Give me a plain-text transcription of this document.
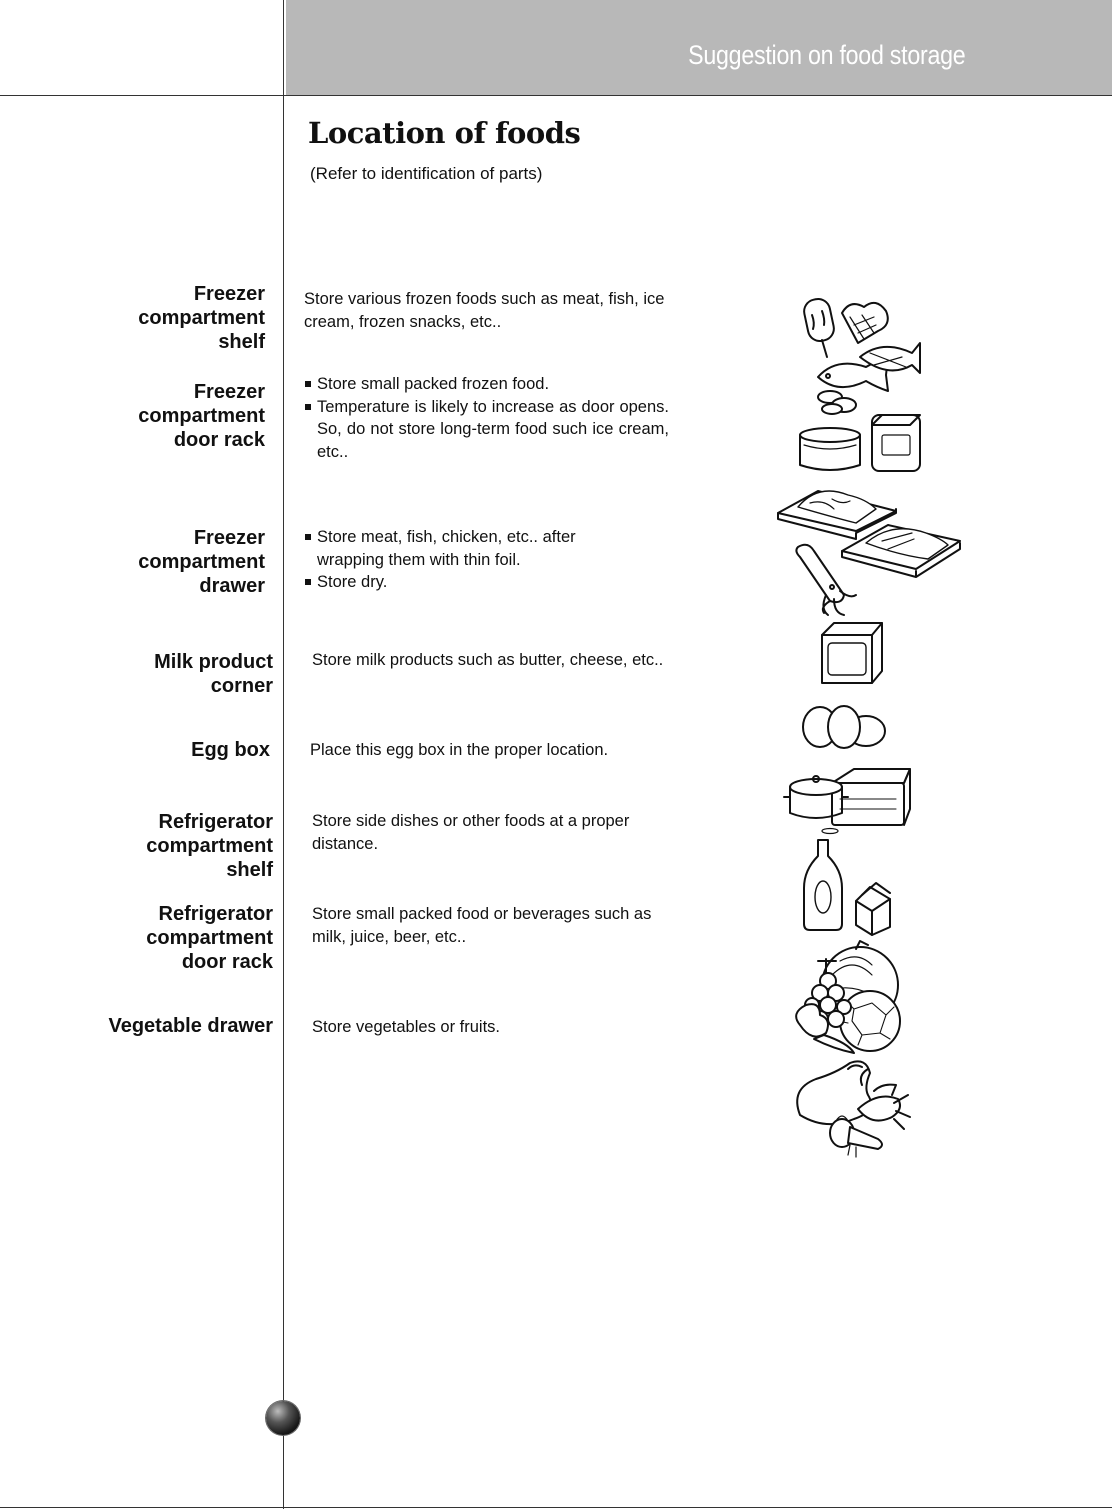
Suggestion on food storage
Location of foods
(Refer to identification of parts)
Freezer
compartment
shelf
Store various frozen foods such as meat, fish, ice cream, frozen snacks, etc..
Freezer
compartment
door rack
Store small packed frozen food.
Temperature is likely to increase as door opens. So, do not store long-term food such ice cream, etc..
Freezer
compartment
drawer
Store meat, fish, chicken, etc.. after wrapping them with thin foil.
Store dry.
Milk product
corner
Store milk products such as butter, cheese, etc..
Egg box Place this egg box in the proper location.
Refrigerator
compartment
shelf
Store side dishes or other foods at a proper distance.
Refrigerator
compartment
door rack
Store small packed food or beverages such as milk, juice, beer, etc..
Vegetable drawer Store vegetables or fruits.
